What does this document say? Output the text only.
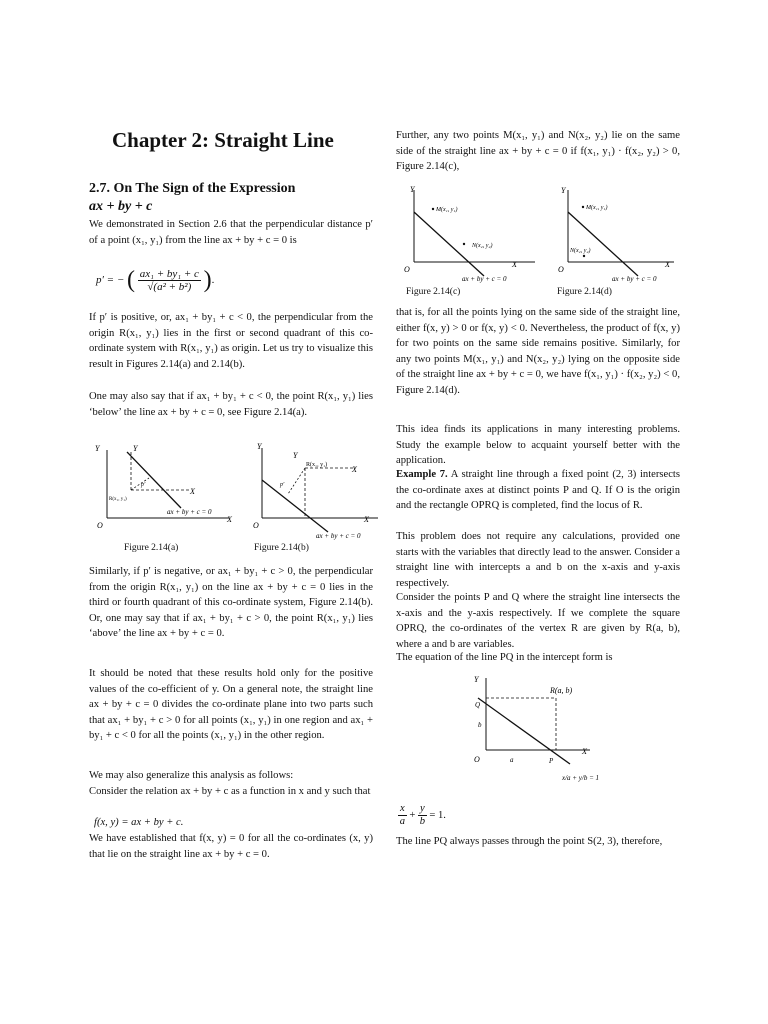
Chapter 2: Straight Line
2.7. On The Sign of the Expression
ax + by + c

We demonstrated in Section 2.6 that the perpendicular distance p′ of a point (x₁, y₁) from the line ax + by + c = 0 is

p′ = − ( $\frac{\text{ax₁ + by₁ + c}}{\text{√(a² + b²)}}$ ).

If p′ is positive, or, ax₁ + by₁ + c < 0, the perpendicular from the origin R(x₁, y₁) lies in the first or second quadrant of this co-ordinate system with R(x₁, y₁) as origin. Let us try to visualize this result in Figures 2.14(a) and 2.14(b).

One may also say that if ax₁ + by₁ + c < 0, the point R(x₁, y₁) lies ‘below’ the line ax + by + c = 0, see Figure 2.14(a).

Y	Y
O
X
X
R(x₁, y₁)
p′
ax + by + c = 0
Figure 2.14(a)
Y
Y
O
X
X
R(x₁, y₁)
p′
ax + by + c = 0
Figure 2.14(b)

Similarly, if p′ is negative, or ax₁ + by₁ + c > 0, the perpendicular from the origin R(x₁, y₁) on the line ax + by + c = 0 lies in the third or fourth quadrant of this co-ordinate system, Figure 2.14(b). Or, one may say that if ax₁ + by₁ + c > 0, the point R(x₁, y₁) lies ‘above’ the line ax + by + c = 0.

It should be noted that these results hold only for the positive values of the co-efficient of y. On a general note, the straight line ax + by + c = 0 divides the co-ordinate plane into two parts such that ax₁ + by₁ + c > 0 for all points (x₁, y₁) in one region and ax₁ + by₁ + c < 0 for all the points (x₁, y₁) in the other region.

We may also generalize this analysis as follows:

Consider the relation ax + by + c as a function in x and y such that

f(x, y) = ax + by + c.

We have established that f(x, y) = 0 for all the co-ordinates (x, y) that lie on the straight line ax + by + c = 0.

Further, any two points M(x₁, y₁) and N(x₂, y₂) lie on the same side of the straight line ax + by + c = 0 if f(x₁, y₁) · f(x₂, y₂) > 0, Figure 2.14(c),

Y
O
X
M(x₁, y₁)
N(x₂, y₂)
ax + by + c = 0
Figure 2.14(c)
Y
O
X
M(x₁, y₁)
N(x₂, y₂)
ax + by + c = 0
Figure 2.14(d)

that is, for all the points lying on the same side of the straight line, either f(x, y) > 0 or f(x, y) < 0. Nevertheless, the product of f(x, y) for two points on the same side remains positive. Similarly, for any two points M(x₁, y₁) and N(x₂, y₂) lying on the opposite side of the straight line ax + by + c = 0, we have f(x₁, y₁) · f(x₂, y₂) < 0, Figure 2.14(d).

This idea finds its applications in many interesting problems. Study the example below to acquaint yourself better with the application.

Example 7. A straight line through a fixed point (2, 3) intersects the co-ordinate axes at distinct points P and Q. If O is the origin and the rectangle OPRQ is completed, find the locus of R.

This problem does not require any calculations, provided one starts with the variables that directly lead to the answer. Consider a straight line with intercepts a and b on the x-axis and y-axis respectively.

Consider the points P and Q where the straight line intersects the x-axis and the y-axis respectively. If we complete the square OPRQ, the co-ordinates of the vertex R are given by R(a, b), where a and b are variables.

The equation of the line PQ in the intercept form is

Y
O
X
R(a, b)
Q
P
a
b
x/a + y/b = 1
$\frac{x}{a} + \frac{y}{b} = 1$.

The line PQ always passes through the point S(2, 3), therefore,
